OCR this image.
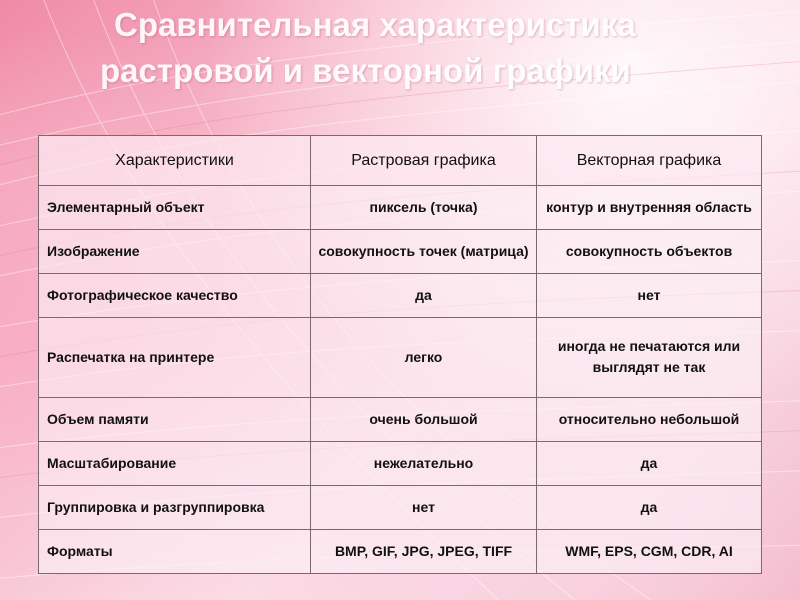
Сравнительная характеристика
растровой и векторной графики
Характеристики	Растровая графика	Векторная графика
Элементарный объект	пиксель (точка)	контур и внутренняя область
Изображение	совокупность точек (матрица)	совокупность объектов
Фотографическое качество	да	нет
Распечатка на принтере	легко	иногда не печатаются или выглядят не так
Объем памяти	очень большой	относительно небольшой
Масштабирование	нежелательно	да
Группировка и разгруппировка	нет	да
Форматы	BMP, GIF, JPG, JPEG, TIFF	WMF, EPS, CGM, CDR, AI
